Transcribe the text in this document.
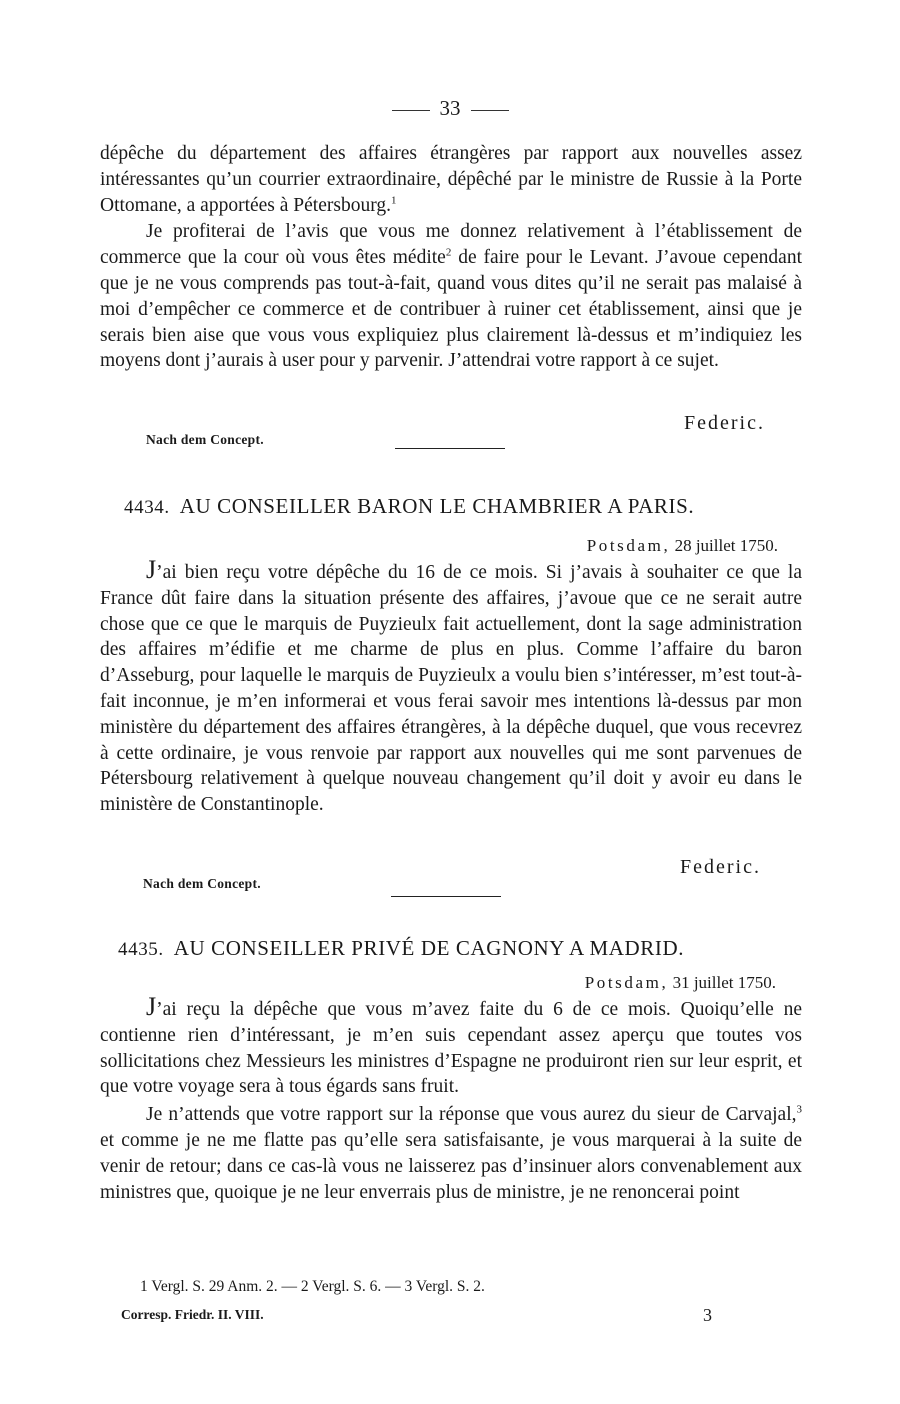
33

dépêche du département des affaires étrangères par rapport aux nouvelles assez intéressantes qu’un courrier extraordinaire, dépêché par le ministre de Russie à la Porte Ottomane, a apportées à Pétersbourg.$^1$

Je profiterai de l’avis que vous me donnez relativement à l’établissement de commerce que la cour où vous êtes médite$^2$ de faire pour le Levant. J’avoue cependant que je ne vous comprends pas tout-à-fait, quand vous dites qu’il ne serait pas malaisé à moi d’empêcher ce commerce et de contribuer à ruiner cet établissement, ainsi que je serais bien aise que vous vous expliquiez plus clairement là-dessus et m’indiquiez les moyens dont j’aurais à user pour y parvenir. J’attendrai votre rapport à ce sujet.

Federic.
Nach dem Concept.
4434. AU CONSEILLER BARON LE CHAMBRIER A PARIS.
Potsdam, 28 juillet 1750.

J’ai bien reçu votre dépêche du 16 de ce mois. Si j’avais à souhaiter ce que la France dût faire dans la situation présente des affaires, j’avoue que ce ne serait autre chose que ce que le marquis de Puyzieulx fait actuellement, dont la sage administration des affaires m’édifie et me charme de plus en plus. Comme l’affaire du baron d’Asseburg, pour laquelle le marquis de Puyzieulx a voulu bien s’intéresser, m’est tout-à-fait inconnue, je m’en informerai et vous ferai savoir mes intentions là-dessus par mon ministère du département des affaires étrangères, à la dépêche duquel, que vous recevrez à cette ordinaire, je vous renvoie par rapport aux nouvelles qui me sont parvenues de Pétersbourg relativement à quelque nouveau changement qu’il doit y avoir eu dans le ministère de Constantinople.

Federic.
Nach dem Concept.
4435. AU CONSEILLER PRIVÉ DE CAGNONY A MADRID.
Potsdam, 31 juillet 1750.

J’ai reçu la dépêche que vous m’avez faite du 6 de ce mois. Quoiqu’elle ne contienne rien d’intéressant, je m’en suis cependant assez aperçu que toutes vos sollicitations chez Messieurs les ministres d’Espagne ne produiront rien sur leur esprit, et que votre voyage sera à tous égards sans fruit.

Je n’attends que votre rapport sur la réponse que vous aurez du sieur de Carvajal,$^3$ et comme je ne me flatte pas qu’elle sera satisfaisante, je vous marquerai à la suite de venir de retour; dans ce cas-là vous ne laisserez pas d’insinuer alors convenablement aux ministres que, quoique je ne leur enverrais plus de ministre, je ne renoncerai point

1 Vergl. S. 29 Anm. 2. — 2 Vergl. S. 6. — 3 Vergl. S. 2.
Corresp. Friedr. II. VIII.	3
